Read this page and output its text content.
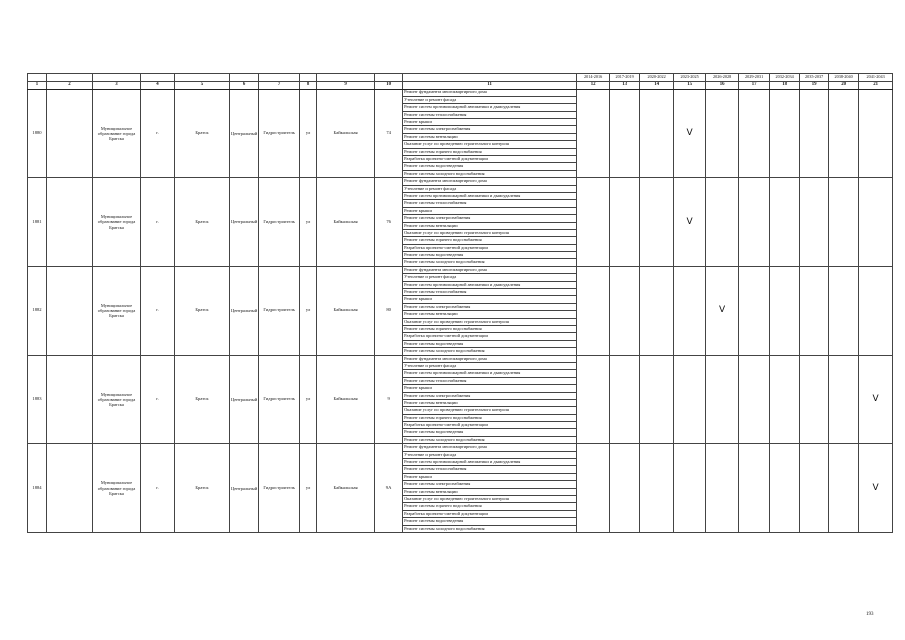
											2014-2016	2017-2019	2020-2022	2023-2025	2026-2028	2029-2031	2032-2034	2035-2037	2038-2040	2041-2043
1	2	3	4	5	6	7	8	9	10	11	12	13	14	15	16	17	18	19	20	21
1880		Муниципальное образование города Братска	г.	Братск	Центральный	Гидростроитель	ул	Байкальская	74	Ремонт фундамента многоквартирного дома				V						
										Утепление и ремонт фасада										
										Ремонт систем противопожарной автоматики и дымоудаления										
										Ремонт системы теплоснабжения										
										Ремонт крыши										
										Ремонт системы электроснабжения										
										Ремонт системы вентиляции										
										Оказание услуг по проведению строительного контроля										
										Ремонт системы горячего водоснабжения										
										Разработка проектно-сметной документации										
										Ремонт системы водоотведения										
										Ремонт системы холодного водоснабжения										
1881		Муниципальное образование города Братска	г.	Братск	Центральный	Гидростроитель	ул	Байкальская	76	Ремонт фундамента многоквартирного дома				V						
										Утепление и ремонт фасада										
										Ремонт систем противопожарной автоматики и дымоудаления										
										Ремонт системы теплоснабжения										
										Ремонт крыши										
										Ремонт системы электроснабжения										
										Ремонт системы вентиляции										
										Оказание услуг по проведению строительного контроля										
										Ремонт системы горячего водоснабжения										
										Разработка проектно-сметной документации										
										Ремонт системы водоотведения										
										Ремонт системы холодного водоснабжения										
1882		Муниципальное образование города Братска	г.	Братск	Центральный	Гидростроитель	ул	Байкальская	80	Ремонт фундамента многоквартирного дома					V					
										Утепление и ремонт фасада										
										Ремонт систем противопожарной автоматики и дымоудаления										
										Ремонт системы теплоснабжения										
										Ремонт крыши										
										Ремонт системы электроснабжения										
										Ремонт системы вентиляции										
										Оказание услуг по проведению строительного контроля										
										Ремонт системы горячего водоснабжения										
										Разработка проектно-сметной документации										
										Ремонт системы водоотведения										
										Ремонт системы холодного водоснабжения										
1883		Муниципальное образование города Братска	г.	Братск	Центральный	Гидростроитель	ул	Байкальская	9	Ремонт фундамента многоквартирного дома										V
										Утепление и ремонт фасада										
										Ремонт систем противопожарной автоматики и дымоудаления										
										Ремонт системы теплоснабжения										
										Ремонт крыши										
										Ремонт системы электроснабжения										
										Ремонт системы вентиляции										
										Оказание услуг по проведению строительного контроля										
										Ремонт системы горячего водоснабжения										
										Разработка проектно-сметной документации										
										Ремонт системы водоотведения										
										Ремонт системы холодного водоснабжения										
1884		Муниципальное образование города Братска	г.	Братск	Центральный	Гидростроитель	ул	Байкальская	9А	Ремонт фундамента многоквартирного дома										V
										Утепление и ремонт фасада										
										Ремонт систем противопожарной автоматики и дымоудаления										
										Ремонт системы теплоснабжения										
										Ремонт крыши										
										Ремонт системы электроснабжения										
										Ремонт системы вентиляции										
										Оказание услуг по проведению строительного контроля										
										Ремонт системы горячего водоснабжения										
										Разработка проектно-сметной документации										
										Ремонт системы водоотведения										
										Ремонт системы холодного водоснабжения										
193
